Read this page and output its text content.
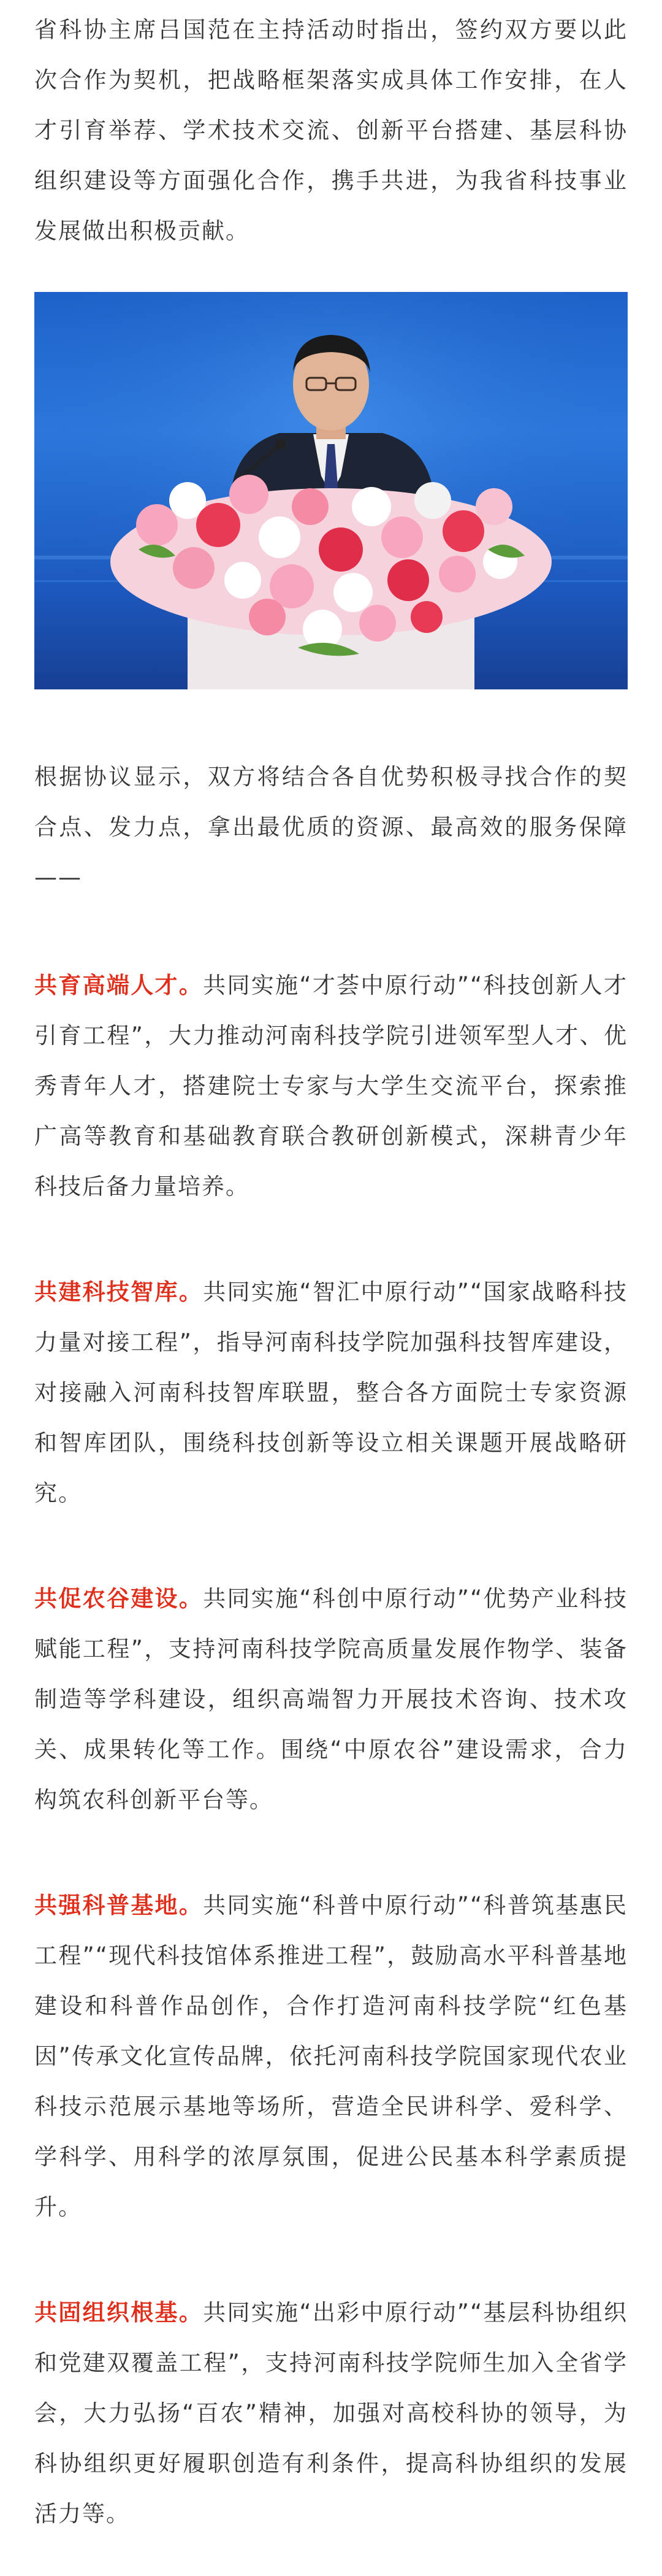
省科协主席吕国范在主持活动时指出，签约双方要以此次合作为契机，把战略框架落实成具体工作安排，在人才引育举荐、学术技术交流、创新平台搭建、基层科协组织建设等方面强化合作，携手共进，为我省科技事业发展做出积极贡献。

根据协议显示，双方将结合各自优势积极寻找合作的契合点、发力点，拿出最优质的资源、最高效的服务保障——

共育高端人才。共同实施“才荟中原行动”“科技创新人才引育工程”，大力推动河南科技学院引进领军型人才、优秀青年人才，搭建院士专家与大学生交流平台，探索推广高等教育和基础教育联合教研创新模式，深耕青少年科技后备力量培养。

共建科技智库。共同实施“智汇中原行动”“国家战略科技力量对接工程”，指导河南科技学院加强科技智库建设，对接融入河南科技智库联盟，整合各方面院士专家资源和智库团队，围绕科技创新等设立相关课题开展战略研究。

共促农谷建设。共同实施“科创中原行动”“优势产业科技赋能工程”，支持河南科技学院高质量发展作物学、装备制造等学科建设，组织高端智力开展技术咨询、技术攻关、成果转化等工作。围绕“中原农谷”建设需求，合力构筑农科创新平台等。

共强科普基地。共同实施“科普中原行动”“科普筑基惠民工程”“现代科技馆体系推进工程”，鼓励高水平科普基地建设和科普作品创作，合作打造河南科技学院“红色基因”传承文化宣传品牌，依托河南科技学院国家现代农业科技示范展示基地等场所，营造全民讲科学、爱科学、学科学、用科学的浓厚氛围，促进公民基本科学素质提升。

共固组织根基。共同实施“出彩中原行动”“基层科协组织和党建双覆盖工程”，支持河南科技学院师生加入全省学会，大力弘扬“百农”精神，加强对高校科协的领导，为科协组织更好履职创造有利条件，提高科协组织的发展活力等。
